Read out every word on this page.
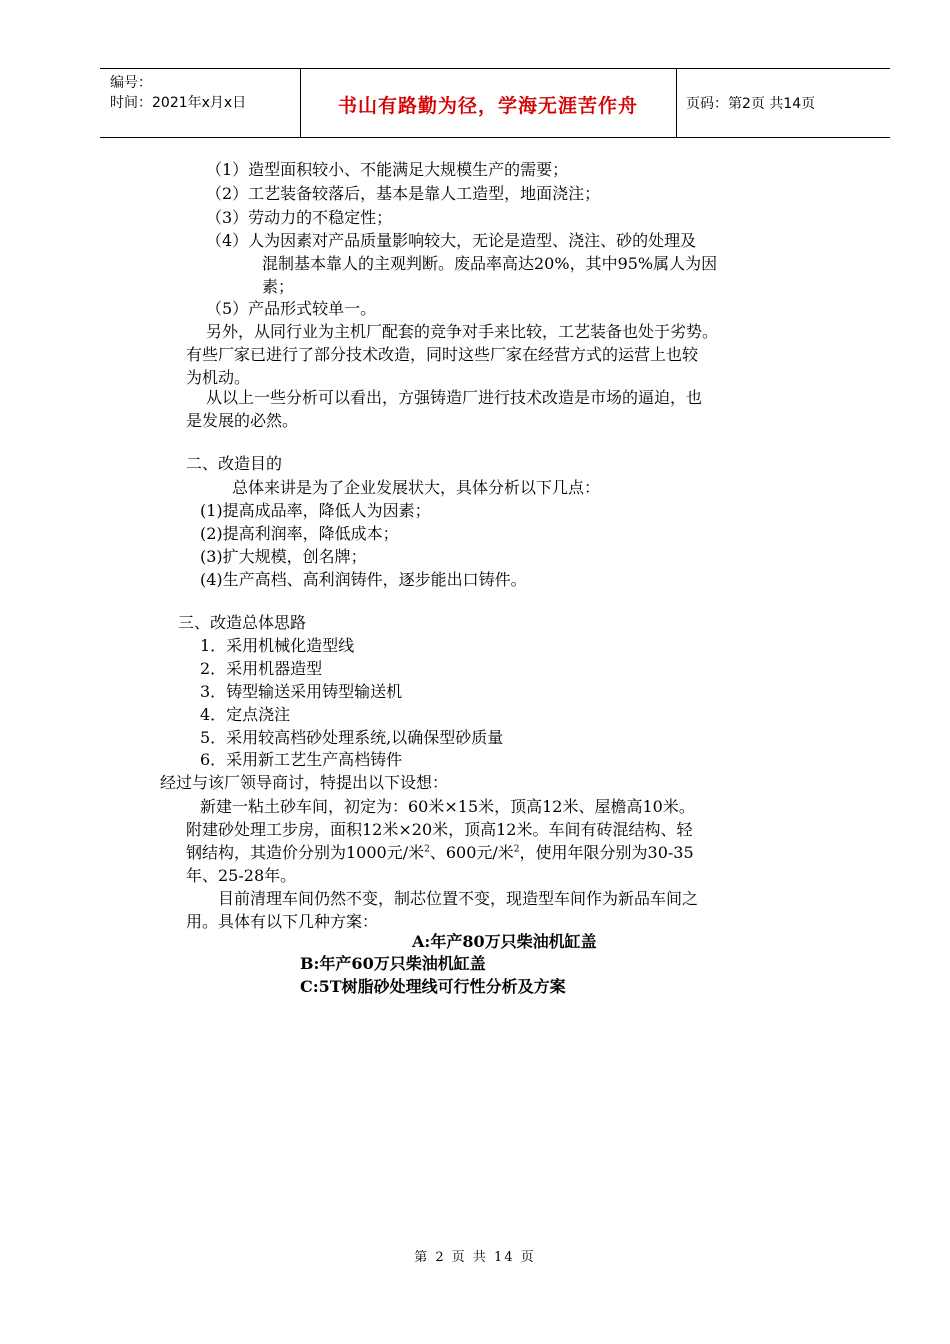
编号：
时间：2021年x月x日	书山有路勤为径，学海无涯苦作舟	页码：第2页 共14页
（1）造型面积较小、不能满足大规模生产的需要；
（2）工艺装备较落后，基本是靠人工造型，地面浇注；
（3）劳动力的不稳定性；
（4）人为因素对产品质量影响较大，无论是造型、浇注、砂的处理及
混制基本靠人的主观判断。废品率高达20%，其中95%属人为因
素；
（5）产品形式较单一。
另外，从同行业为主机厂配套的竞争对手来比较，工艺装备也处于劣势。
有些厂家已进行了部分技术改造，同时这些厂家在经营方式的运营上也较
为机动。
从以上一些分析可以看出，方强铸造厂进行技术改造是市场的逼迫，也
是发展的必然。
二、改造目的
总体来讲是为了企业发展状大，具体分析以下几点：
(1)提高成品率，降低人为因素；
(2)提高利润率，降低成本；
(3)扩大规模，创名牌；
(4)生产高档、高利润铸件，逐步能出口铸件。
三、改造总体思路
1．采用机械化造型线
2．采用机器造型
3．铸型输送采用铸型输送机
4．定点浇注
5．采用较高档砂处理系统,以确保型砂质量
6．采用新工艺生产高档铸件
经过与该厂领导商讨，特提出以下设想：
新建一粘土砂车间，初定为：60米×15米，顶高12米、屋檐高10米。
附建砂处理工步房，面积12米×20米，顶高12米。车间有砖混结构、轻
钢结构，其造价分别为1000元/米$^2$、600元/米$^2$，使用年限分别为30-35
年、25-28年。
目前清理车间仍然不变，制芯位置不变，现造型车间作为新品车间之
用。具体有以下几种方案：
A:年产80万只柴油机缸盖
B:年产60万只柴油机缸盖
C:5T树脂砂处理线可行性分析及方案
第 2 页 共 14 页
